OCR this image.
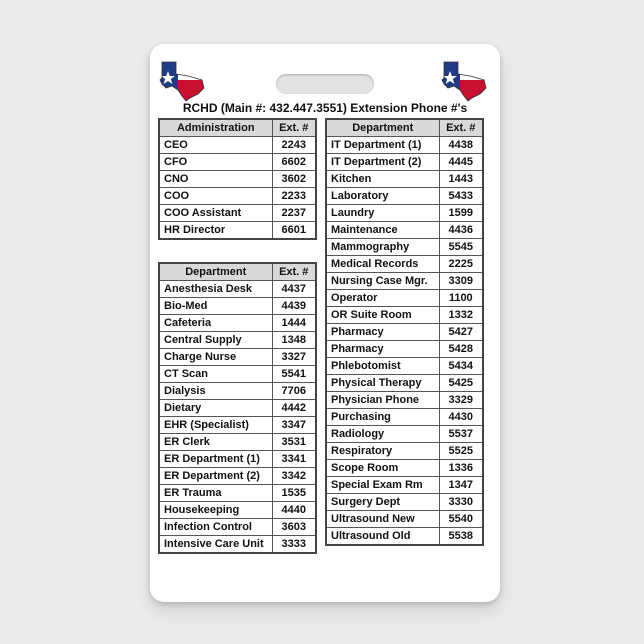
RCHD (Main #: 432.447.3551) Extension Phone #'s
Administration	Ext. #
CEO	2243
CFO	6602
CNO	3602
COO	2233
COO Assistant	2237
HR Director	6601
Department	Ext. #
Anesthesia Desk	4437
Bio-Med	4439
Cafeteria	1444
Central Supply	1348
Charge Nurse	3327
CT Scan	5541
Dialysis	7706
Dietary	4442
EHR (Specialist)	3347
ER Clerk	3531
ER Department (1)	3341
ER Department (2)	3342
ER Trauma	1535
Housekeeping	4440
Infection Control	3603
Intensive Care Unit	3333
Department	Ext. #
IT Department (1)	4438
IT Department (2)	4445
Kitchen	1443
Laboratory	5433
Laundry	1599
Maintenance	4436
Mammography	5545
Medical Records	2225
Nursing Case Mgr.	3309
Operator	1100
OR Suite Room	1332
Pharmacy	5427
Pharmacy	5428
Phlebotomist	5434
Physical Therapy	5425
Physician Phone	3329
Purchasing	4430
Radiology	5537
Respiratory	5525
Scope Room	1336
Special Exam Rm	1347
Surgery Dept	3330
Ultrasound New	5540
Ultrasound Old	5538
